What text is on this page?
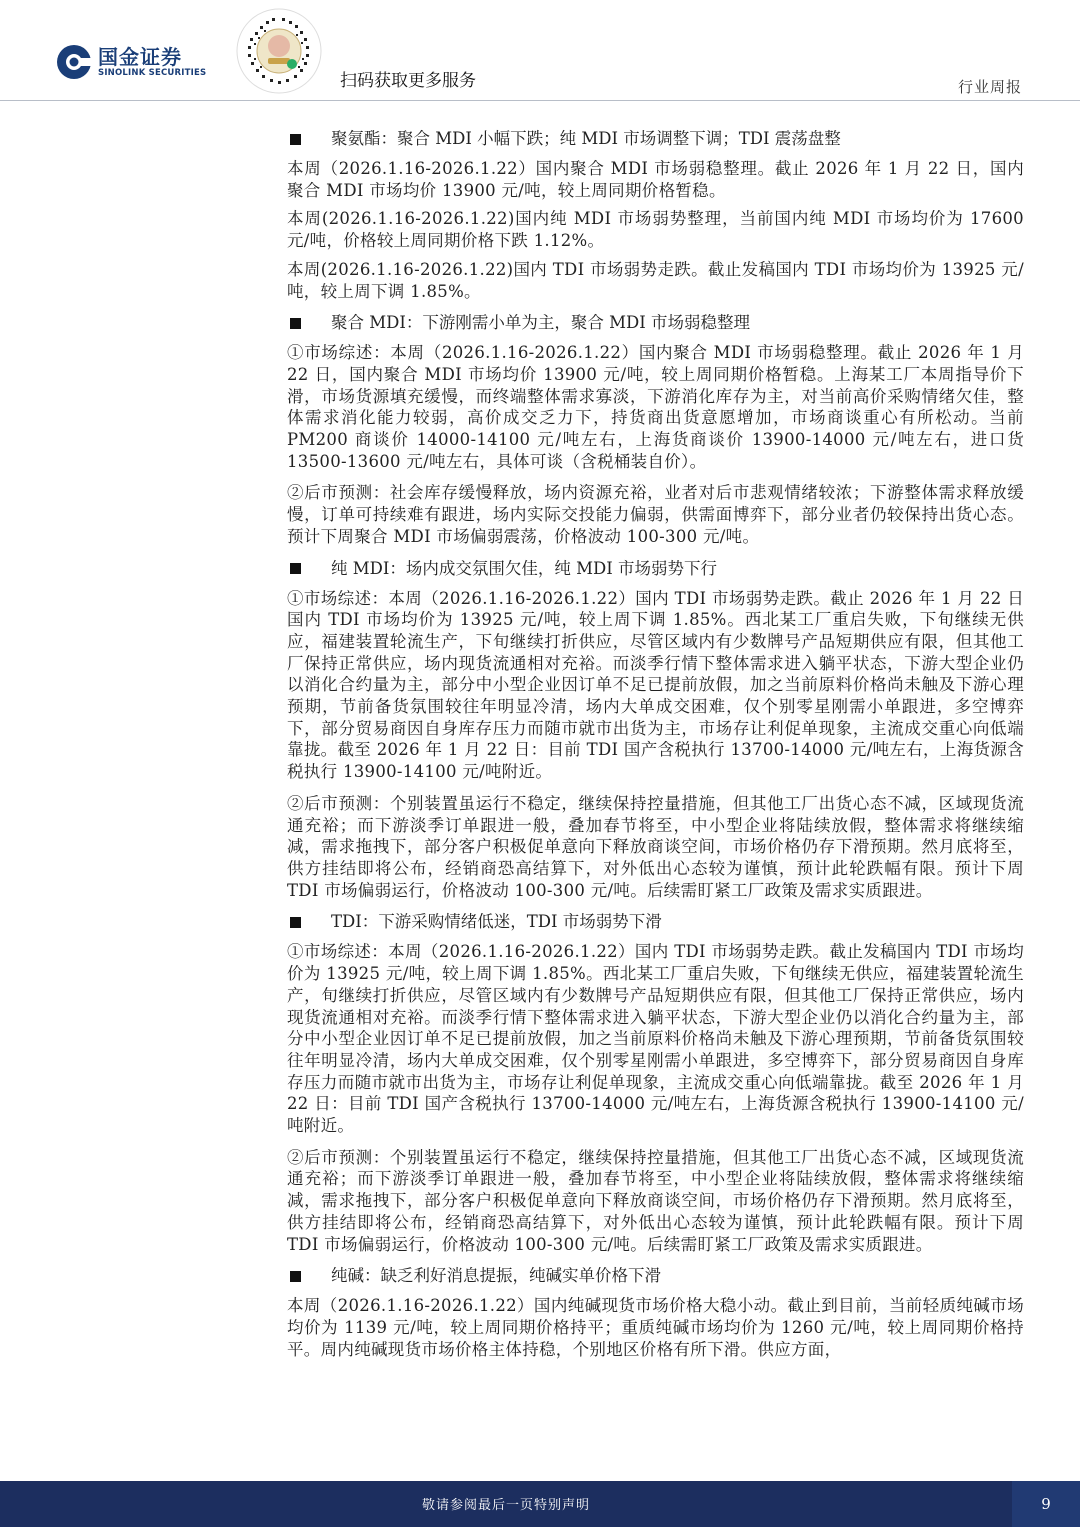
国金证券
SINOLINK SECURITIES	扫码获取更多服务	行业周报
聚氨酯：聚合 MDI 小幅下跌；纯 MDI 市场调整下调；TDI 震荡盘整

本周（2026.1.16-2026.1.22）国内聚合 MDI 市场弱稳整理。截止 2026 年 1 月 22 日，国内聚合 MDI 市场均价 13900 元/吨，较上周同期价格暂稳。

本周(2026.1.16-2026.1.22)国内纯 MDI 市场弱势整理，当前国内纯 MDI 市场均价为 17600 元/吨，价格较上周同期价格下跌 1.12%。

本周(2026.1.16-2026.1.22)国内 TDI 市场弱势走跌。截止发稿国内 TDI 市场均价为 13925 元/吨，较上周下调 1.85%。

聚合 MDI：下游刚需小单为主，聚合 MDI 市场弱稳整理

①市场综述：本周（2026.1.16-2026.1.22）国内聚合 MDI 市场弱稳整理。截止 2026 年 1 月 22 日，国内聚合 MDI 市场均价 13900 元/吨，较上周同期价格暂稳。上海某工厂本周指导价下滑，市场货源填充缓慢，而终端整体需求寡淡，下游消化库存为主，对当前高价采购情绪欠佳，整体需求消化能力较弱，高价成交乏力下，持货商出货意愿增加，市场商谈重心有所松动。当前 PM200 商谈价 14000-14100 元/吨左右，上海货商谈价 13900-14000 元/吨左右，进口货 13500-13600 元/吨左右，具体可谈（含税桶装自价）。

②后市预测：社会库存缓慢释放，场内资源充裕，业者对后市悲观情绪较浓；下游整体需求释放缓慢，订单可持续难有跟进，场内实际交投能力偏弱，供需面博弈下，部分业者仍较保持出货心态。预计下周聚合 MDI 市场偏弱震荡，价格波动 100-300 元/吨。

纯 MDI：场内成交氛围欠佳，纯 MDI 市场弱势下行

①市场综述：本周（2026.1.16-2026.1.22）国内 TDI 市场弱势走跌。截止 2026 年 1 月 22 日国内 TDI 市场均价为 13925 元/吨，较上周下调 1.85%。西北某工厂重启失败，下旬继续无供应，福建装置轮流生产，下旬继续打折供应，尽管区域内有少数牌号产品短期供应有限，但其他工厂保持正常供应，场内现货流通相对充裕。而淡季行情下整体需求进入躺平状态，下游大型企业仍以消化合约量为主，部分中小型企业因订单不足已提前放假，加之当前原料价格尚未触及下游心理预期，节前备货氛围较往年明显冷清，场内大单成交困难，仅个别零星刚需小单跟进，多空博弈下，部分贸易商因自身库存压力而随市就市出货为主，市场存让利促单现象，主流成交重心向低端靠拢。截至 2026 年 1 月 22 日：目前 TDI 国产含税执行 13700-14000 元/吨左右，上海货源含税执行 13900-14100 元/吨附近。

②后市预测：个别装置虽运行不稳定，继续保持控量措施，但其他工厂出货心态不减，区域现货流通充裕；而下游淡季订单跟进一般，叠加春节将至，中小型企业将陆续放假，整体需求将继续缩减，需求拖拽下，部分客户积极促单意向下释放商谈空间，市场价格仍存下滑预期。然月底将至，供方挂结即将公布，经销商恐高结算下，对外低出心态较为谨慎，预计此轮跌幅有限。预计下周 TDI 市场偏弱运行，价格波动 100-300 元/吨。后续需盯紧工厂政策及需求实质跟进。

TDI：下游采购情绪低迷，TDI 市场弱势下滑

①市场综述：本周（2026.1.16-2026.1.22）国内 TDI 市场弱势走跌。截止发稿国内 TDI 市场均价为 13925 元/吨，较上周下调 1.85%。西北某工厂重启失败，下旬继续无供应，福建装置轮流生产，旬继续打折供应，尽管区域内有少数牌号产品短期供应有限，但其他工厂保持正常供应，场内现货流通相对充裕。而淡季行情下整体需求进入躺平状态，下游大型企业仍以消化合约量为主，部分中小型企业因订单不足已提前放假，加之当前原料价格尚未触及下游心理预期，节前备货氛围较往年明显冷清，场内大单成交困难，仅个别零星刚需小单跟进，多空博弈下，部分贸易商因自身库存压力而随市就市出货为主，市场存让利促单现象，主流成交重心向低端靠拢。截至 2026 年 1 月 22 日：目前 TDI 国产含税执行 13700-14000 元/吨左右，上海货源含税执行 13900-14100 元/吨附近。

②后市预测：个别装置虽运行不稳定，继续保持控量措施，但其他工厂出货心态不减，区域现货流通充裕；而下游淡季订单跟进一般，叠加春节将至，中小型企业将陆续放假，整体需求将继续缩减，需求拖拽下，部分客户积极促单意向下释放商谈空间，市场价格仍存下滑预期。然月底将至，供方挂结即将公布，经销商恐高结算下，对外低出心态较为谨慎，预计此轮跌幅有限。预计下周 TDI 市场偏弱运行，价格波动 100-300 元/吨。后续需盯紧工厂政策及需求实质跟进。

纯碱：缺乏利好消息提振，纯碱实单价格下滑

本周（2026.1.16-2026.1.22）国内纯碱现货市场价格大稳小动。截止到目前，当前轻质纯碱市场均价为 1139 元/吨，较上周同期价格持平；重质纯碱市场均价为 1260 元/吨，较上周同期价格持平。周内纯碱现货市场价格主体持稳，个别地区价格有所下滑。供应方面，

敬请参阅最后一页特别声明	9
